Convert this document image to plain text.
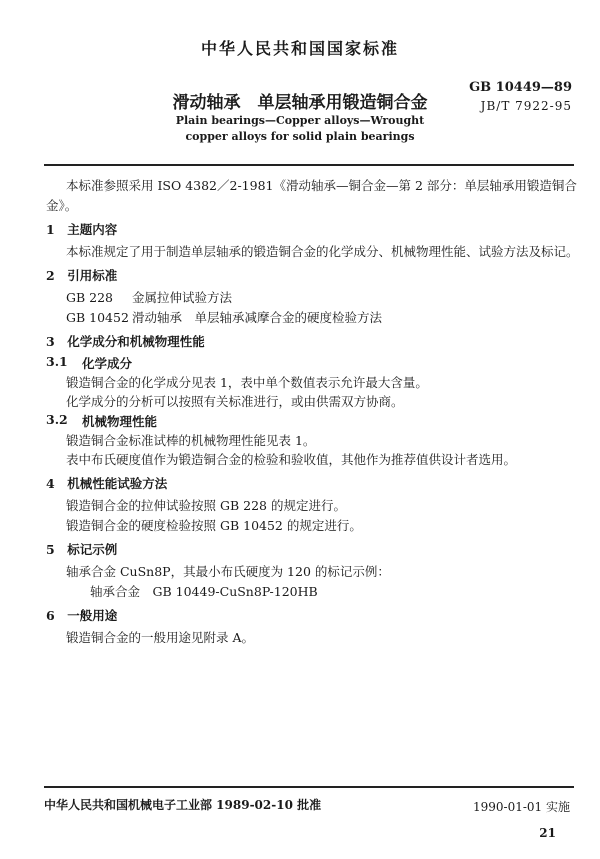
中华人民共和国国家标准
滑动轴承　单层轴承用锻造铜合金
GB 10449—89
JB/T 7922-95
Plain bearings—Copper alloys—Wrought
copper alloys for solid plain bearings
本标准参照采用 ISO 4382／2-1981《滑动轴承—铜合金—第 2 部分：单层轴承用锻造铜合
金》。
1　主题内容
本标准规定了用于制造单层轴承的锻造铜合金的化学成分、机械物理性能、试验方法及标记。
2　引用标准
GB 228 金属拉伸试验方法
GB 10452 滑动轴承　单层轴承减摩合金的硬度检验方法
3　化学成分和机械物理性能
3.1 化学成分
锻造铜合金的化学成分见表 1，表中单个数值表示允许最大含量。
化学成分的分析可以按照有关标准进行，或由供需双方协商。
3.2 机械物理性能
锻造铜合金标准试棒的机械物理性能见表 1。
表中布氏硬度值作为锻造铜合金的检验和验收值，其他作为推荐值供设计者选用。
4　机械性能试验方法
锻造铜合金的拉伸试验按照 GB 228 的规定进行。
锻造铜合金的硬度检验按照 GB 10452 的规定进行。
5　标记示例
轴承合金 CuSn8P，其最小布氏硬度为 120 的标记示例：
轴承合金　GB 10449-CuSn8P-120HB
6　一般用途
锻造铜合金的一般用途见附录 A。
中华人民共和国机械电子工业部 1989-02-10 批准	1990-01-01 实施
21
